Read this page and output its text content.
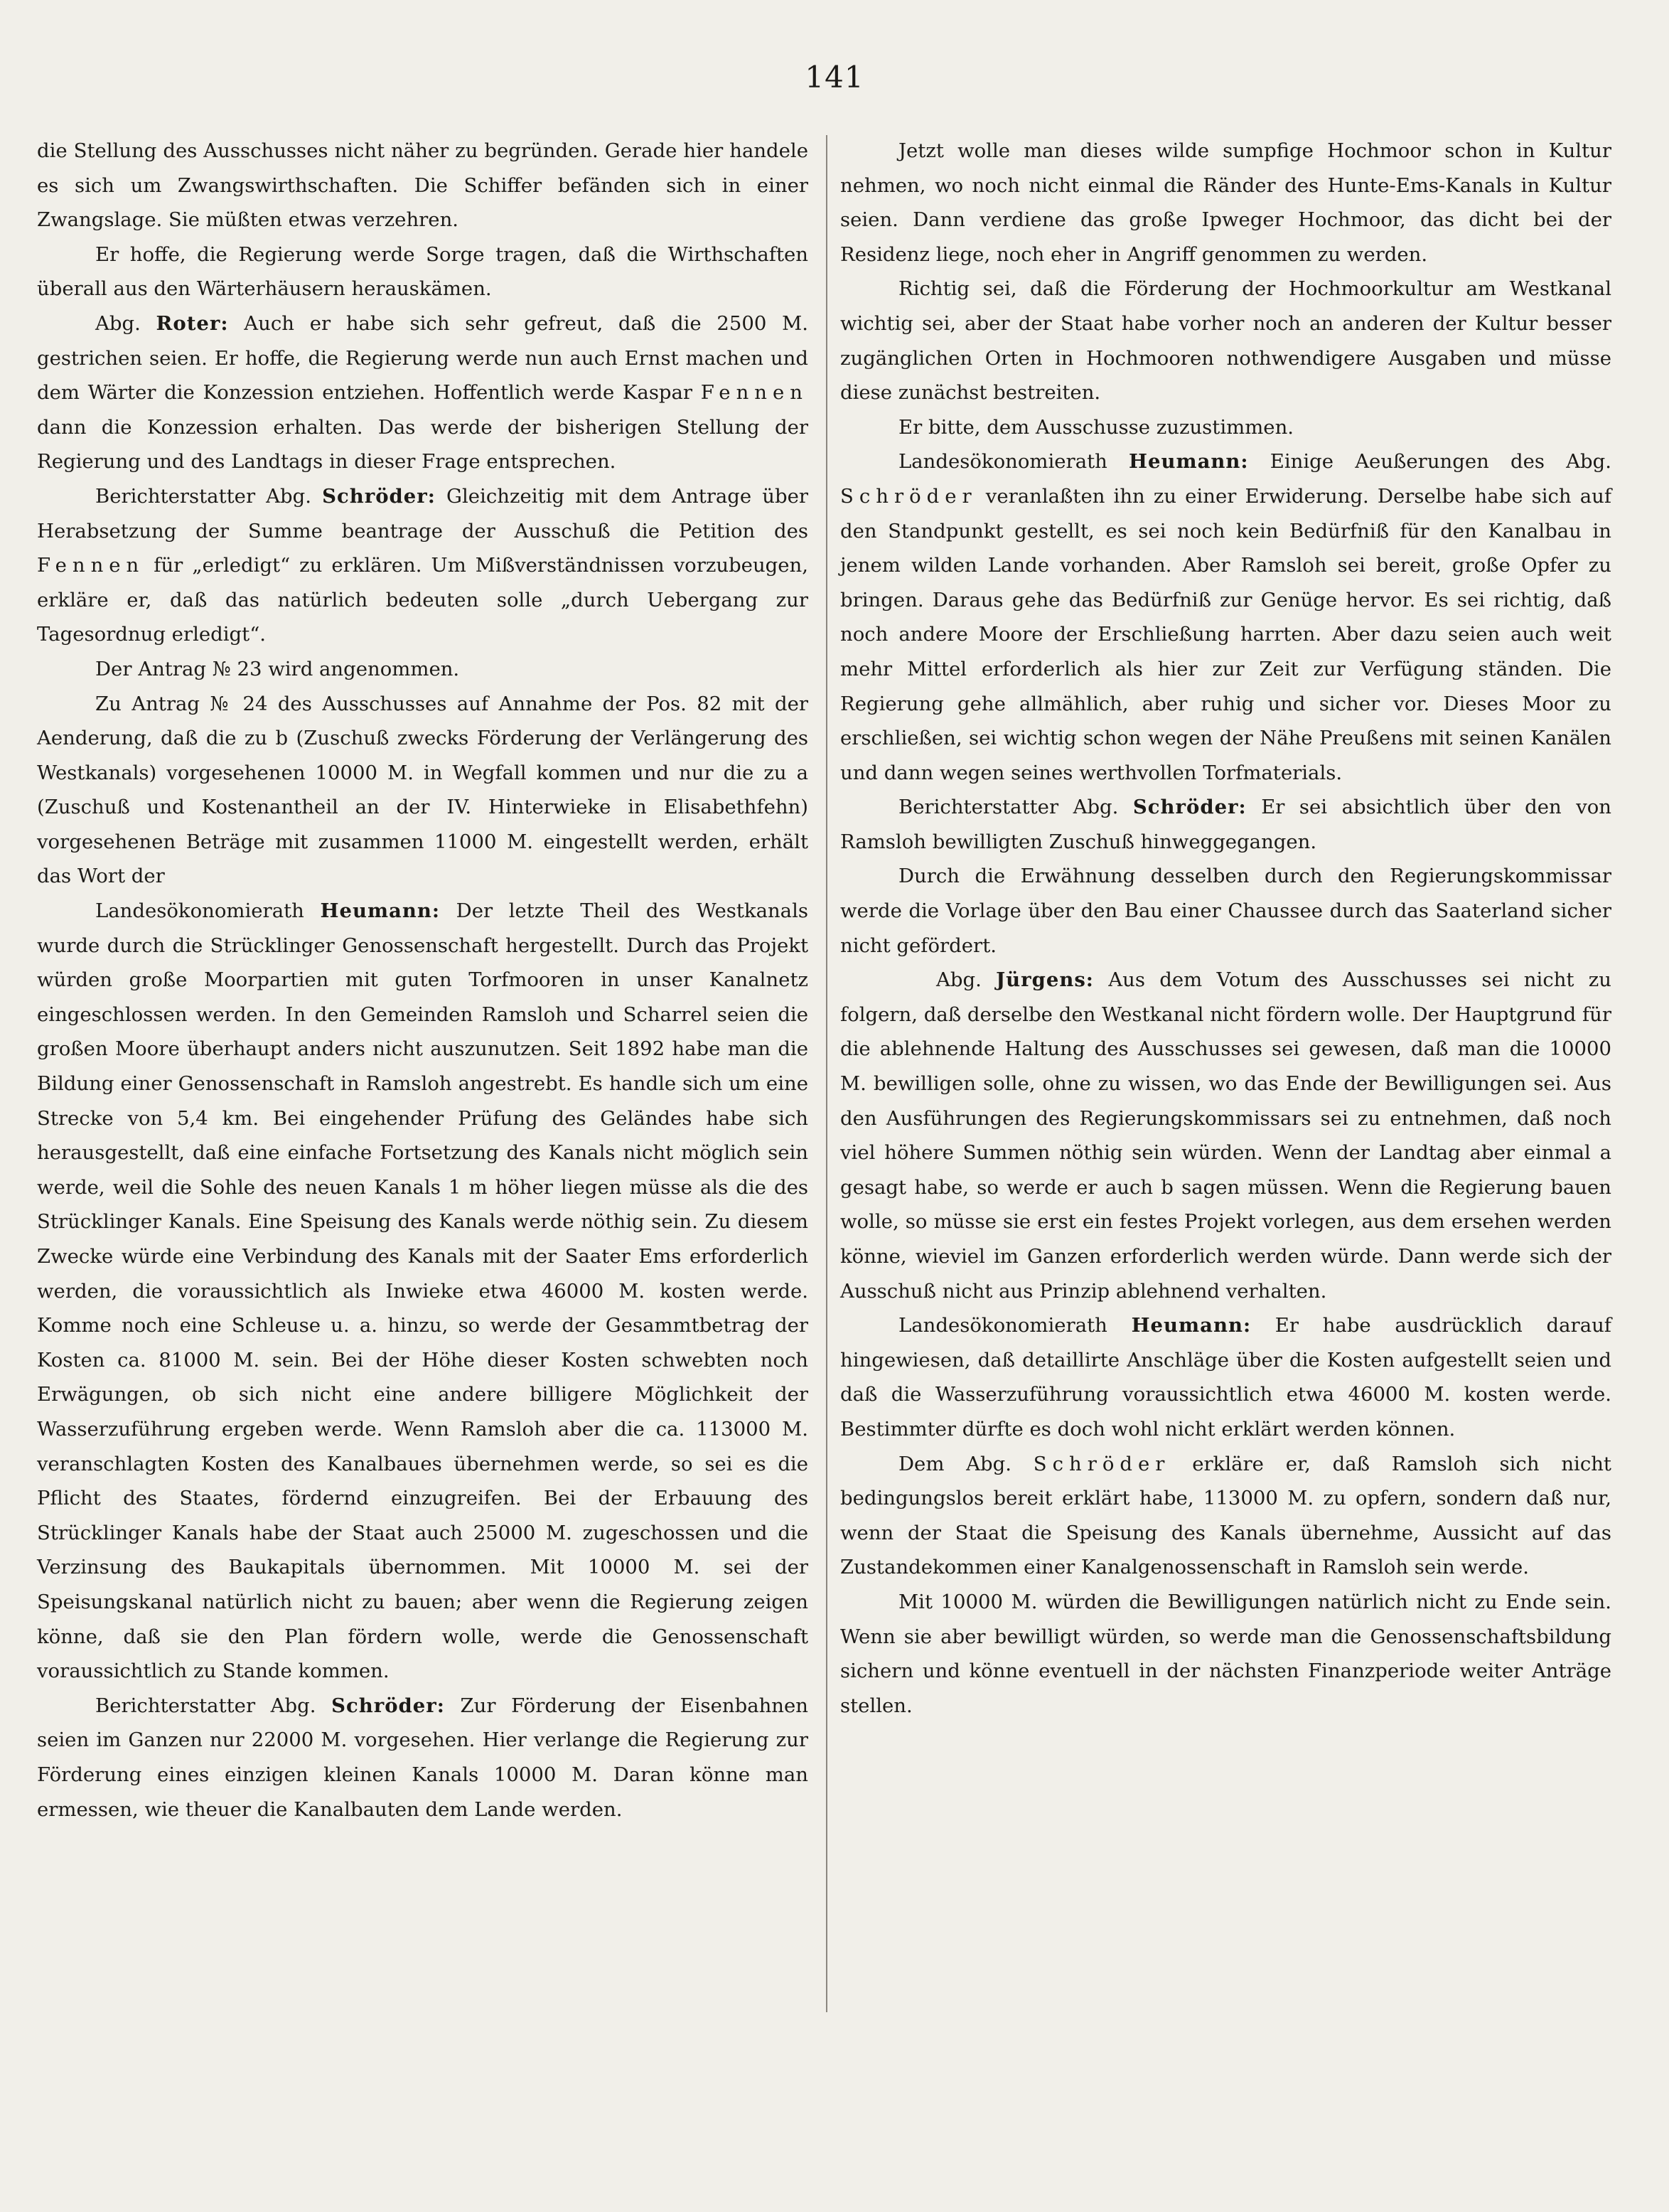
141

die Stellung des Ausschusses nicht näher zu begründen. Gerade hier handele es sich um Zwangswirthschaften. Die Schiffer befänden sich in einer Zwangslage. Sie müßten etwas verzehren.

Er hoffe, die Regierung werde Sorge tragen, daß die Wirthschaften überall aus den Wärterhäusern herauskämen.

Abg. Roter: Auch er habe sich sehr gefreut, daß die 2500 M. gestrichen seien. Er hoffe, die Regierung werde nun auch Ernst machen und dem Wärter die Konzession entziehen. Hoffentlich werde Kaspar Fennen dann die Konzession erhalten. Das werde der bisherigen Stellung der Regierung und des Landtags in dieser Frage entsprechen.

Berichterstatter Abg. Schröder: Gleichzeitig mit dem Antrage über Herabsetzung der Summe beantrage der Ausschuß die Petition des Fennen für „erledigt“ zu erklären. Um Mißverständnissen vorzubeugen, erkläre er, daß das natürlich bedeuten solle „durch Uebergang zur Tagesordnug erledigt“.

Der Antrag № 23 wird angenommen.

Zu Antrag № 24 des Ausschusses auf Annahme der Pos. 82 mit der Aenderung, daß die zu b (Zuschuß zwecks Förderung der Verlängerung des Westkanals) vorgesehenen 10000 M. in Wegfall kommen und nur die zu a (Zuschuß und Kostenantheil an der IV. Hinterwieke in Elisabethfehn) vorgesehenen Beträge mit zusammen 11000 M. eingestellt werden, erhält das Wort der

Landesökonomierath Heumann: Der letzte Theil des Westkanals wurde durch die Strücklinger Genossenschaft hergestellt. Durch das Projekt würden große Moorpartien mit guten Torfmooren in unser Kanalnetz eingeschlossen werden. In den Gemeinden Ramsloh und Scharrel seien die großen Moore überhaupt anders nicht auszunutzen. Seit 1892 habe man die Bildung einer Genossenschaft in Ramsloh angestrebt. Es handle sich um eine Strecke von 5,4 km. Bei eingehender Prüfung des Geländes habe sich herausgestellt, daß eine einfache Fortsetzung des Kanals nicht möglich sein werde, weil die Sohle des neuen Kanals 1 m höher liegen müsse als die des Strücklinger Kanals. Eine Speisung des Kanals werde nöthig sein. Zu diesem Zwecke würde eine Verbindung des Kanals mit der Saater Ems erforderlich werden, die voraussichtlich als Inwieke etwa 46000 M. kosten werde. Komme noch eine Schleuse u. a. hinzu, so werde der Gesammtbetrag der Kosten ca. 81000 M. sein. Bei der Höhe dieser Kosten schwebten noch Erwägungen, ob sich nicht eine andere billigere Möglichkeit der Wasserzuführung ergeben werde. Wenn Ramsloh aber die ca. 113000 M. veranschlagten Kosten des Kanalbaues übernehmen werde, so sei es die Pflicht des Staates, fördernd einzugreifen. Bei der Erbauung des Strücklinger Kanals habe der Staat auch 25000 M. zugeschossen und die Verzinsung des Baukapitals übernommen. Mit 10000 M. sei der Speisungskanal natürlich nicht zu bauen; aber wenn die Regierung zeigen könne, daß sie den Plan fördern wolle, werde die Genossenschaft voraussichtlich zu Stande kommen.

Berichterstatter Abg. Schröder: Zur Förderung der Eisenbahnen seien im Ganzen nur 22000 M. vorgesehen. Hier verlange die Regierung zur Förderung eines einzigen kleinen Kanals 10000 M. Daran könne man ermessen, wie theuer die Kanalbauten dem Lande werden.

Jetzt wolle man dieses wilde sumpfige Hochmoor schon in Kultur nehmen, wo noch nicht einmal die Ränder des Hunte-Ems-Kanals in Kultur seien. Dann verdiene das große Ipweger Hochmoor, das dicht bei der Residenz liege, noch eher in Angriff genommen zu werden.

Richtig sei, daß die Förderung der Hochmoorkultur am Westkanal wichtig sei, aber der Staat habe vorher noch an anderen der Kultur besser zugänglichen Orten in Hochmooren nothwendigere Ausgaben und müsse diese zunächst bestreiten.

Er bitte, dem Ausschusse zuzustimmen.

Landesökonomierath Heumann: Einige Aeußerungen des Abg. Schröder veranlaßten ihn zu einer Erwiderung. Derselbe habe sich auf den Standpunkt gestellt, es sei noch kein Bedürfniß für den Kanalbau in jenem wilden Lande vorhanden. Aber Ramsloh sei bereit, große Opfer zu bringen. Daraus gehe das Bedürfniß zur Genüge hervor. Es sei richtig, daß noch andere Moore der Erschließung harrten. Aber dazu seien auch weit mehr Mittel erforderlich als hier zur Zeit zur Verfügung ständen. Die Regierung gehe allmählich, aber ruhig und sicher vor. Dieses Moor zu erschließen, sei wichtig schon wegen der Nähe Preußens mit seinen Kanälen und dann wegen seines werthvollen Torfmaterials.

Berichterstatter Abg. Schröder: Er sei absichtlich über den von Ramsloh bewilligten Zuschuß hinweggegangen.

Durch die Erwähnung desselben durch den Regierungskommissar werde die Vorlage über den Bau einer Chaussee durch das Saaterland sicher nicht gefördert.

Abg. Jürgens: Aus dem Votum des Ausschusses sei nicht zu folgern, daß derselbe den Westkanal nicht fördern wolle. Der Hauptgrund für die ablehnende Haltung des Ausschusses sei gewesen, daß man die 10000 M. bewilligen solle, ohne zu wissen, wo das Ende der Bewilligungen sei. Aus den Ausführungen des Regierungskommissars sei zu entnehmen, daß noch viel höhere Summen nöthig sein würden. Wenn der Landtag aber einmal a gesagt habe, so werde er auch b sagen müssen. Wenn die Regierung bauen wolle, so müsse sie erst ein festes Projekt vorlegen, aus dem ersehen werden könne, wieviel im Ganzen erforderlich werden würde. Dann werde sich der Ausschuß nicht aus Prinzip ablehnend verhalten.

Landesökonomierath Heumann: Er habe ausdrücklich darauf hingewiesen, daß detaillirte Anschläge über die Kosten aufgestellt seien und daß die Wasserzuführung voraussichtlich etwa 46000 M. kosten werde. Bestimmter dürfte es doch wohl nicht erklärt werden können.

Dem Abg. Schröder erkläre er, daß Ramsloh sich nicht bedingungslos bereit erklärt habe, 113000 M. zu opfern, sondern daß nur, wenn der Staat die Speisung des Kanals übernehme, Aussicht auf das Zustandekommen einer Kanalgenossenschaft in Ramsloh sein werde.

Mit 10000 M. würden die Bewilligungen natürlich nicht zu Ende sein. Wenn sie aber bewilligt würden, so werde man die Genossenschaftsbildung sichern und könne eventuell in der nächsten Finanzperiode weiter Anträge stellen.
